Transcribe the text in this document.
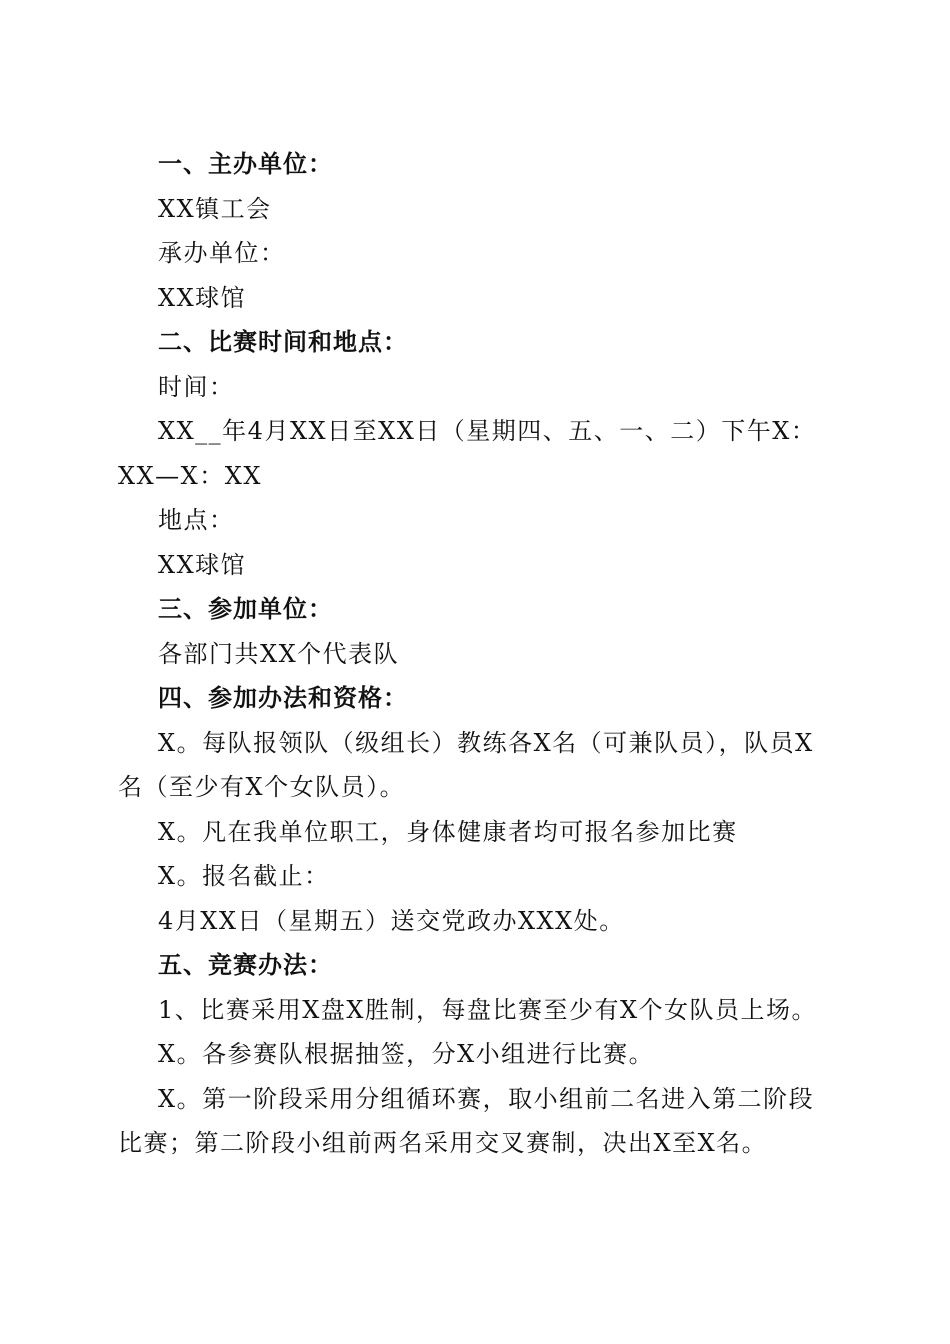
一、主办单位：

XX镇工会

承办单位：

XX球馆

二、比赛时间和地点：

时间：

XX__年4月XX日至XX日（星期四、五、一、二）下午X：XX—X：XX

地点：

XX球馆

三、参加单位：

各部门共XX个代表队

四、参加办法和资格：

X。每队报领队（级组长）教练各X名（可兼队员），队员X名（至少有X个女队员）。

X。凡在我单位职工，身体健康者均可报名参加比赛

X。报名截止：

4月XX日（星期五）送交党政办XXX处。

五、竞赛办法：

1、比赛采用X盘X胜制，每盘比赛至少有X个女队员上场。

X。各参赛队根据抽签，分X小组进行比赛。

X。第一阶段采用分组循环赛，取小组前二名进入第二阶段比赛；第二阶段小组前两名采用交叉赛制，决出X至X名。
